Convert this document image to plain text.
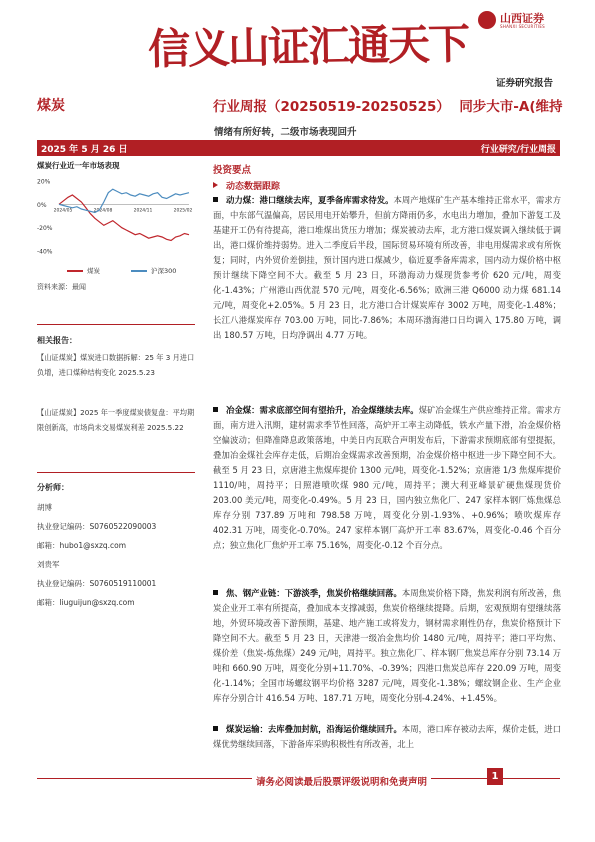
信义山证汇通天下
山西证券
SHANXI SECURITIES
证券研究报告
煤炭	行业周报（20250519-20250525） 同步大市-A(维持
情绪有所好转，二级市场表现回升
2025 年 5 月 26 日	行业研究/行业周报
煤炭行业近一年市场表现
20%
0%
-20%
-40%
2024/05	2024/08	2024/11	2025/02
煤炭	沪深300
资料来源：最闻
相关报告：
【山证煤炭】煤炭进口数据拆解：25 年 3 月进口负增，进口煤种结构变化 2025.5.23
【山证煤炭】2025 年一季度煤炭债复盘：平均期限创新高，市场尚未交易煤炭利差 2025.5.22
分析师：
胡博
执业登记编码：S0760522090003
邮箱：hubo1@sxzq.com
刘贵军
执业登记编码：S0760519110001
邮箱：liuguijun@sxzq.com
投资要点
动态数据跟踪
动力煤：港口继续去库，夏季备库需求待发。本周产地煤矿生产基本维持正常水平，需求方面，中东部气温偏高，居民用电开始攀升，但前方降雨仍多，水电出力增加，叠加下游复工及基建开工仍有待提高，港口堆煤出货压力增加；煤炭被动去库，北方港口煤炭调入继续低于调出，港口煤价维持弱势。进入二季度后半段，国际贸易环境有所改善，非电用煤需求或有所恢复；同时，内外贸价差倒挂，预计国内进口煤减少，临近夏季备库需求，国内动力煤价格中枢预计继续下降空间不大。截至 5 月 23 日，环渤海动力煤现货参考价 620 元/吨，周变化-1.43%；广州港山西优混 570 元/吨，周变化-6.56%；欧洲三港 Q6000 动力煤 681.14 元/吨，周变化+2.05%。5 月 23 日，北方港口合计煤炭库存 3002 万吨，周变化-1.48%；长江八港煤炭库存 703.00 万吨，同比-7.86%；本周环渤海港口日均调入 175.80 万吨，调出 180.57 万吨，日均净调出 4.77 万吨。
冶金煤：需求底部空间有望抬升，冶金煤继续去库。煤矿冶金煤生产供应维持正常。需求方面，南方进入汛期，建材需求季节性回落，高炉开工率主动降低，铁水产量下滑，冶金煤价格空偏波动；但降准降息政策落地，中美日内瓦联合声明发布后，下游需求预期底部有望提振，叠加冶金煤社会库存走低，后期冶金煤需求改善预期，冶金煤价格中枢进一步下降空间不大。截至 5 月 23 日，京唐港主焦煤库提价 1300 元/吨，周变化-1.52%；京唐港 1/3 焦煤库提价 1110/吨，周持平；日照港喷吹煤 980 元/吨，周持平；澳大利亚峰景矿硬焦煤现货价 203.00 美元/吨，周变化-0.49%。5 月 23 日，国内独立焦化厂、247 家样本钢厂炼焦煤总库存分别 737.89 万吨和 798.58 万吨，周变化分别-1.93%、+0.96%；喷吹煤库存 402.31 万吨，周变化-0.70%。247 家样本钢厂高炉开工率 83.67%，周变化-0.46 个百分点；独立焦化厂焦炉开工率 75.16%，周变化-0.12 个百分点。
焦、钢产业链：下游淡季，焦炭价格继续回落。本周焦炭价格下降，焦炭利润有所改善，焦炭企业开工率有所提高，叠加成本支撑减弱，焦炭价格继续提降。后期，宏观预期有望继续落地，外贸环境改善下游预期，基建、地产施工或将发力，钢材需求刚性仍存，焦炭价格预计下降空间不大。截至 5 月 23 日，天津港一级冶金焦均价 1480 元/吨，周持平；港口平均焦、煤价差（焦炭-炼焦煤）249 元/吨，周持平。独立焦化厂、样本钢厂焦炭总库存分别 73.14 万吨和 660.90 万吨，周变化分别+11.70%、-0.39%；四港口焦炭总库存 220.09 万吨，周变化-1.14%；全国市场螺纹钢平均价格 3287 元/吨，周变化-1.38%；螺纹钢企业、生产企业库存分别合计 416.54 万吨、187.71 万吨，周变化分别-4.24%、+1.45%。
煤炭运输：去库叠加封航，沿海运价继续回升。本周，港口库存被动去库，煤价走低，进口煤优势继续回落，下游备库采购积极性有所改善，北上
请务必阅读最后股票评级说明和免责声明
1
